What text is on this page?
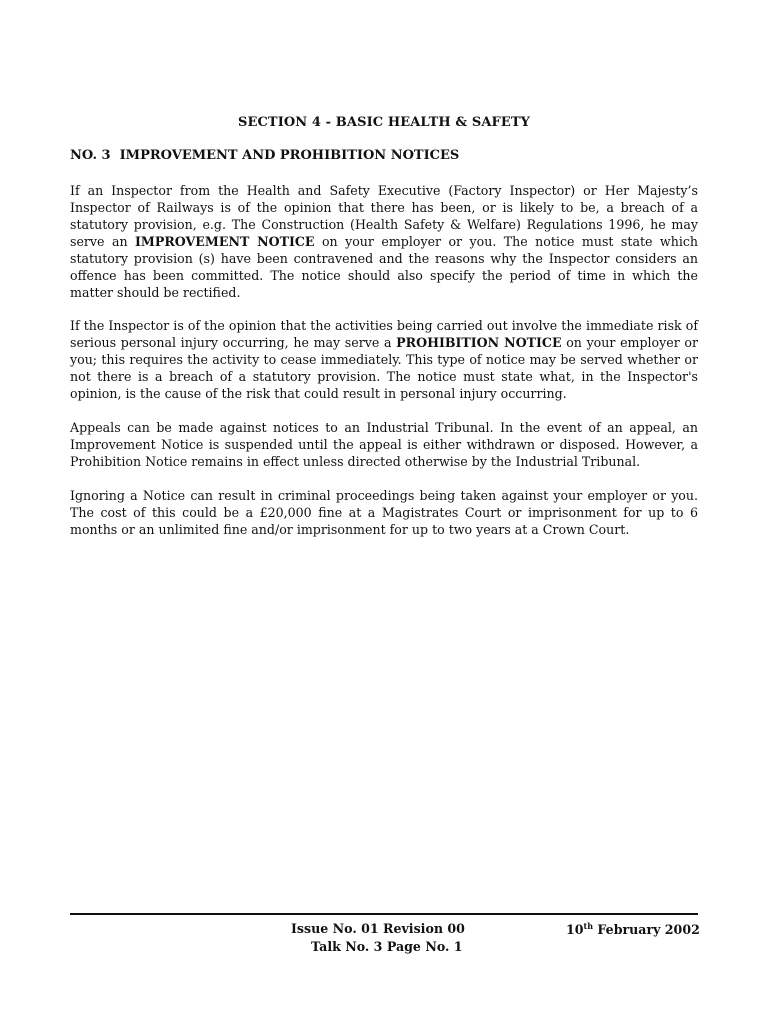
SECTION 4 - BASIC HEALTH & SAFETY
NO. 3  IMPROVEMENT AND PROHIBITION NOTICES

If an Inspector from the Health and Safety Executive (Factory Inspector) or Her Majesty’s Inspector of Railways is of the opinion that there has been, or is likely to be, a breach of a statutory provision, e.g. The Construction (Health Safety & Welfare) Regulations 1996, he may serve an IMPROVEMENT NOTICE on your employer or you. The notice must state which statutory provision (s) have been contravened and the reasons why the Inspector considers an offence has been committed. The notice should also specify the period of time in which the matter should be rectified.

If the Inspector is of the opinion that the activities being carried out involve the immediate risk of serious personal injury occurring, he may serve a PROHIBITION NOTICE on your employer or you; this requires the activity to cease immediately. This type of notice may be served whether or not there is a breach of a statutory provision. The notice must state what, in the Inspector's opinion, is the cause of the risk that could result in personal injury occurring.

Appeals can be made against notices to an Industrial Tribunal. In the event of an appeal, an Improvement Notice is suspended until the appeal is either withdrawn or disposed. However, a Prohibition Notice remains in effect unless directed otherwise by the Industrial Tribunal.

Ignoring a Notice can result in criminal proceedings being taken against your employer or you. The cost of this could be a £20,000 fine at a Magistrates Court or imprisonment for up to 6 months or an unlimited fine and/or imprisonment for up to two years at a Crown Court.

Issue No. 01 Revision 00	10th February 2002
Talk No. 3 Page No. 1
